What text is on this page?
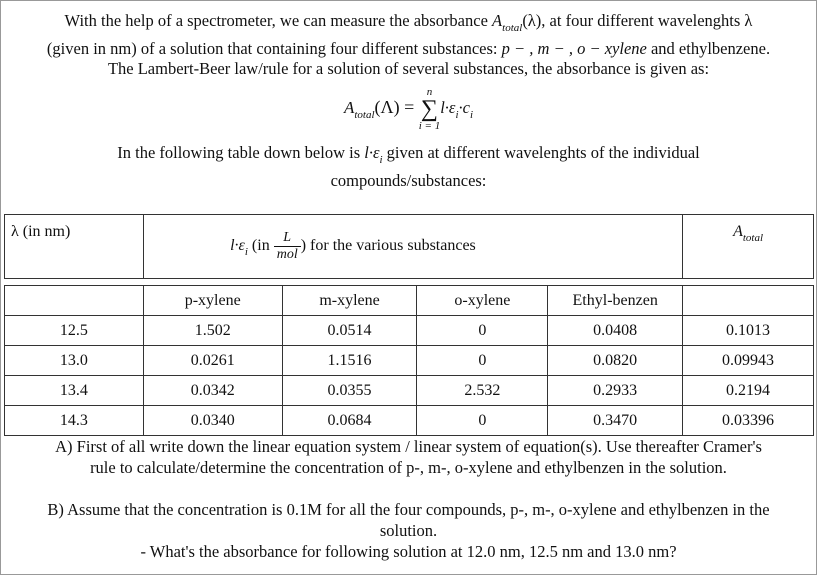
With the help of a spectrometer, we can measure the absorbance $A_{total}(\lambda)$, at four different wavelenghts λ
(given in nm) of a solution that containing four different substances: p − , m − , o − xylene and ethylbenzene.
The Lambert-Beer law/rule for a solution of several substances, the absorbance is given as:
$A_{total}(\Lambda)$ =
n
∑
i = 1
$l\cdot\varepsilon_i\cdot c_i$
In the following table down below is $l\cdot\varepsilon_i$ given at different wavelenghts of the individual
compounds/substances:
λ (in nm)	$l\cdot\varepsilon_i$ ($in \frac{L}{\text{mol}}$ ) for the various substances				$A_{total}$

	p-xylene	m-xylene	o-xylene	Ethyl-benzen	
12.5	1.502	0.0514	0	0.0408	0.1013
13.0	0.0261	1.1516	0	0.0820	0.09943
13.4	0.0342	0.0355	2.532	0.2933	0.2194
14.3	0.0340	0.0684	0	0.3470	0.03396
A) First of all write down the linear equation system / linear system of equation(s). Use thereafter Cramer's
rule to calculate/determine the concentration of p-, m-, o-xylene and ethylbenzen in the solution.
B) Assume that the concentration is 0.1M for all the four compounds, p-, m-, o-xylene and ethylbenzen in the
solution.
- What's the absorbance for following solution at 12.0 nm, 12.5 nm and 13.0 nm?
